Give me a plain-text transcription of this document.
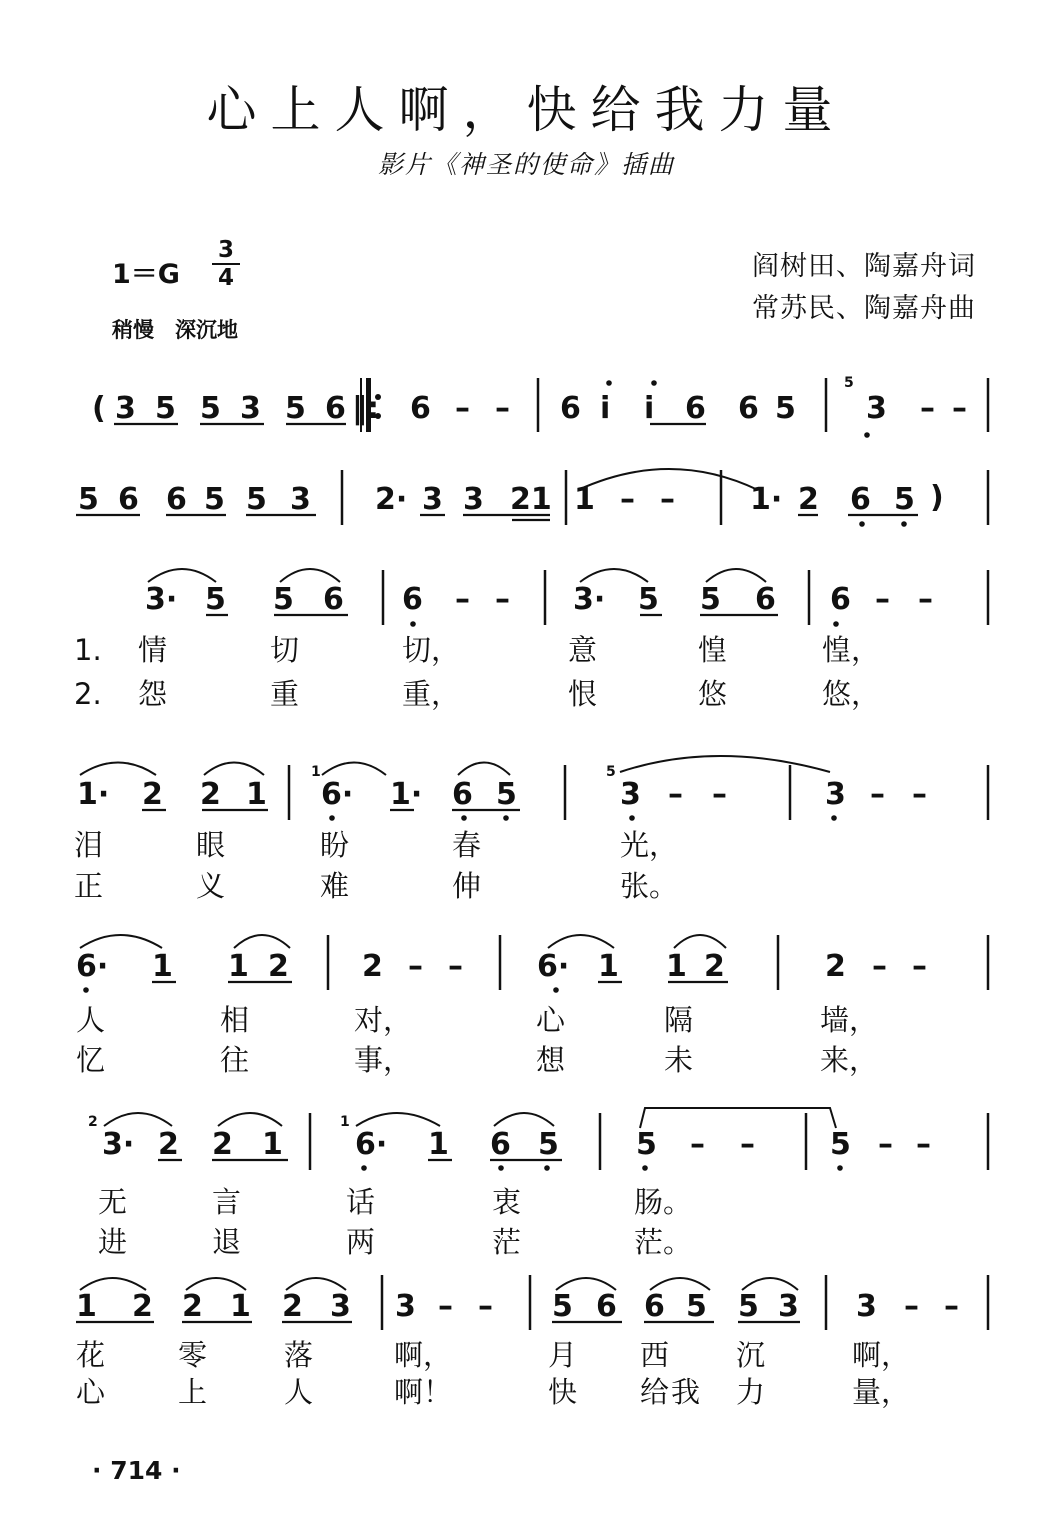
心上人啊，快给我力量
影片《神圣的使命》插曲
1＝G
3
4
稍慢　深沉地
阎树田、陶嘉舟词
常苏民、陶嘉舟曲
3 5 5 3 5 6 6 – – 6 i i 6 6 5 3 – –
(	‖:
5
5 6 6 5 5 3 2· 3 3 21 1 – –	1· 2 6 5 )
3· 5 5 6 6 – – 3· 5 5 6 6 – –
1. 情	切	切，	意	惶	惶，
2. 怨	重	重，	恨	悠	悠，
1· 2 2 1 6· 1· 6 5	3 – –	3 – –
1	5
泪	眼	盼	春	光，
正	义	难	伸	张。
6· 1 1 2 2 – – 6· 1 1 2	2 – –
人	相	对，	心	隔	墙，
忆	往	事，	想	未	来，
3· 2 2 1 6· 1 6 5	5 – –	5 – –
2	1
无	言	话	衷	肠。
进	退	两	茫	茫。
1 2 2 1 2 3 3 – – 5 6 6 5 5 3 3 – –
花	零	落	啊，	月 西 沉	啊，
心	上	人	啊！	快 给我 力	量，
· 714 ·
